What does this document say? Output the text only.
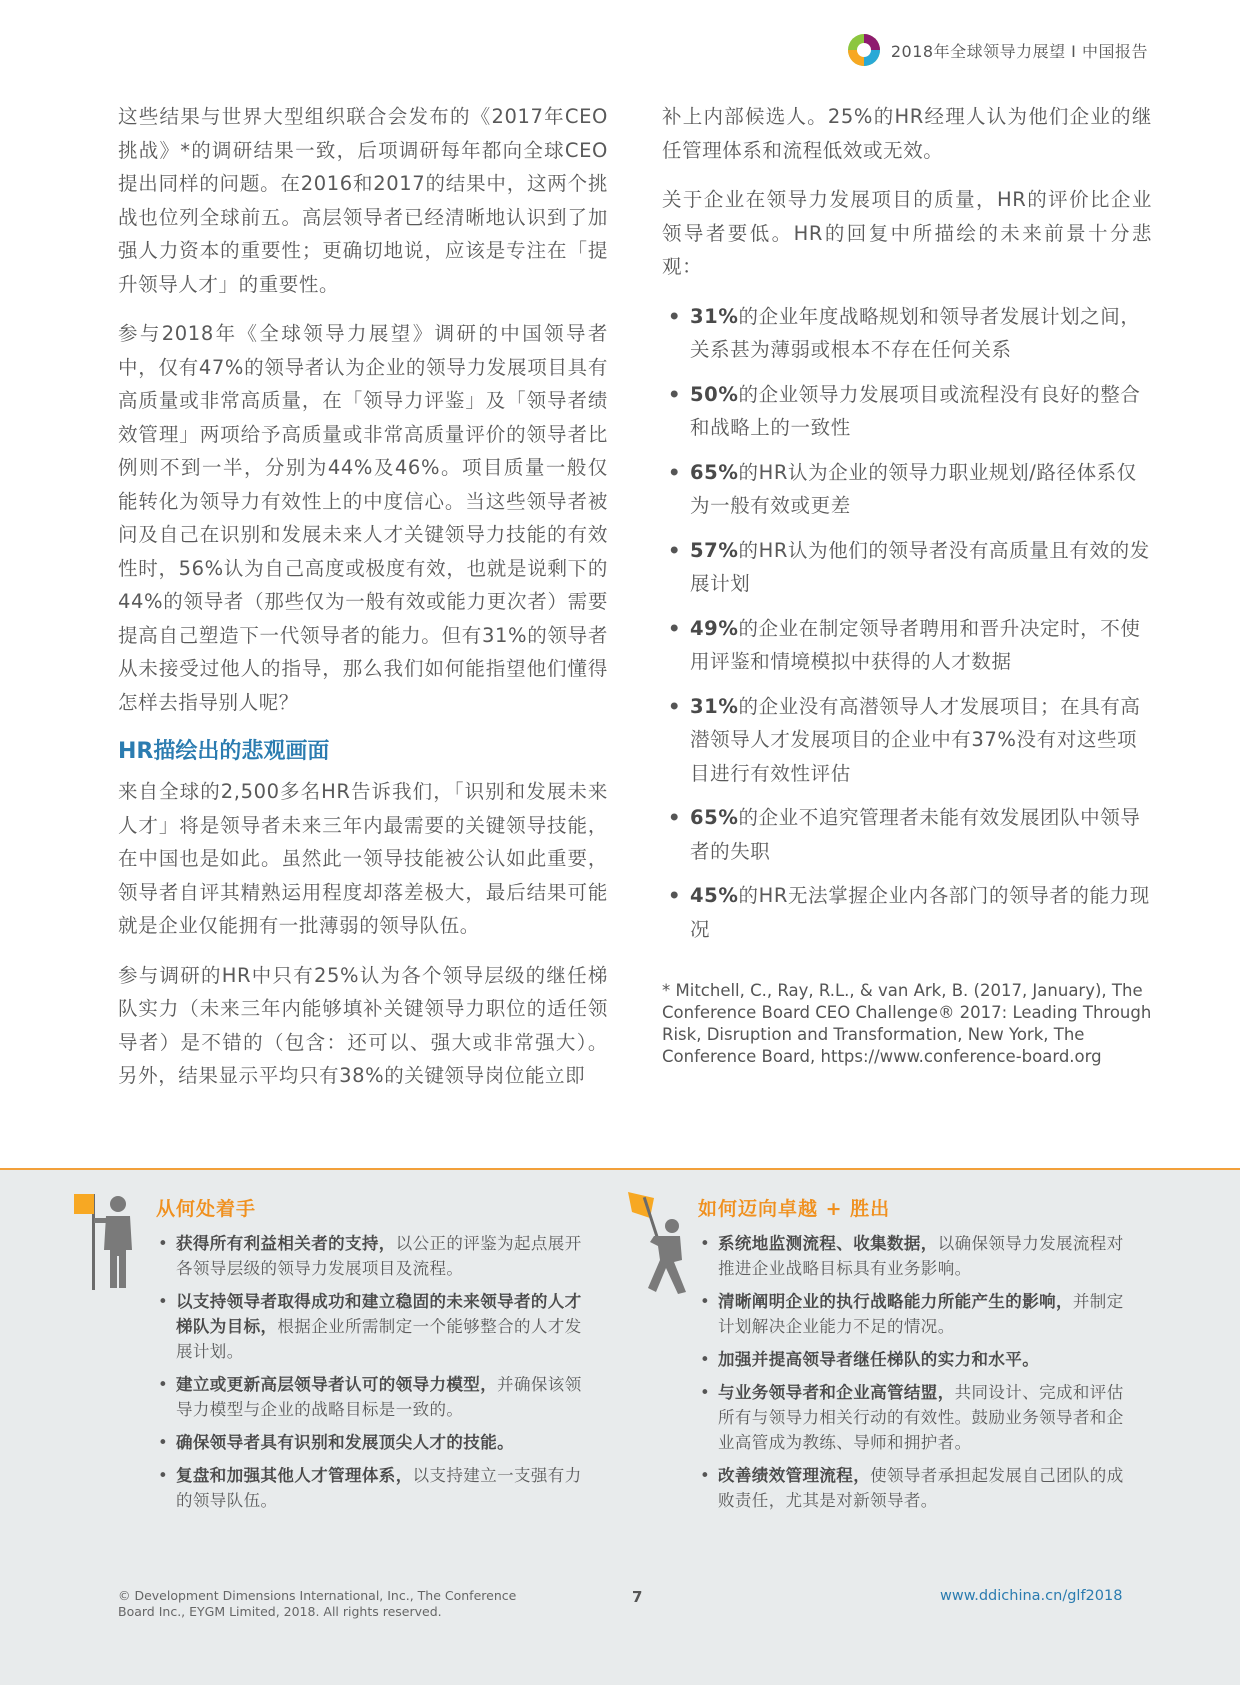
2018年全球领导力展望 I 中国报告

这些结果与世界大型组织联合会发布的《2017年CEO挑战》*的调研结果一致，后项调研每年都向全球CEO提出同样的问题。在2016和2017的结果中，这两个挑战也位列全球前五。高层领导者已经清晰地认识到了加强人力资本的重要性；更确切地说，应该是专注在「提升领导人才」的重要性。

参与2018年《全球领导力展望》调研的中国领导者中，仅有47%的领导者认为企业的领导力发展项目具有高质量或非常高质量，在「领导力评鉴」及「领导者绩效管理」两项给予高质量或非常高质量评价的领导者比例则不到一半，分别为44%及46%。项目质量一般仅能转化为领导力有效性上的中度信心。当这些领导者被问及自己在识别和发展未来人才关键领导力技能的有效性时，56%认为自己高度或极度有效，也就是说剩下的44%的领导者（那些仅为一般有效或能力更次者）需要提高自己塑造下一代领导者的能力。但有31%的领导者从未接受过他人的指导，那么我们如何能指望他们懂得怎样去指导别人呢？

HR描绘出的悲观画面

来自全球的2,500多名HR告诉我们，「识别和发展未来人才」将是领导者未来三年内最需要的关键领导技能，在中国也是如此。虽然此一领导技能被公认如此重要，领导者自评其精熟运用程度却落差极大，最后结果可能就是企业仅能拥有一批薄弱的领导队伍。

参与调研的HR中只有25%认为各个领导层级的继任梯队实力（未来三年内能够填补关键领导力职位的适任领导者）是不错的（包含：还可以、强大或非常强大）。另外，结果显示平均只有38%的关键领导岗位能立即

补上内部候选人。25%的HR经理人认为他们企业的继任管理体系和流程低效或无效。

关于企业在领导力发展项目的质量，HR的评价比企业领导者要低。HR的回复中所描绘的未来前景十分悲观：

• 31%的企业年度战略规划和领导者发展计划之间，关系甚为薄弱或根本不存在任何关系
• 50%的企业领导力发展项目或流程没有良好的整合和战略上的一致性
• 65%的HR认为企业的领导力职业规划/路径体系仅为一般有效或更差
• 57%的HR认为他们的领导者没有高质量且有效的发展计划
• 49%的企业在制定领导者聘用和晋升决定时，不使用评鉴和情境模拟中获得的人才数据
• 31%的企业没有高潜领导人才发展项目；在具有高潜领导人才发展项目的企业中有37%没有对这些项目进行有效性评估
• 65%的企业不追究管理者未能有效发展团队中领导者的失职
• 45%的HR无法掌握企业内各部门的领导者的能力现况
* Mitchell, C., Ray, R.L., & van Ark, B. (2017, January), The Conference Board CEO Challenge® 2017: Leading Through Risk, Disruption and Transformation, New York, The Conference Board, https://www.conference-board.org
从何处着手
• 获得所有利益相关者的支持，以公正的评鉴为起点展开各领导层级的领导力发展项目及流程。
• 以支持领导者取得成功和建立稳固的未来领导者的人才梯队为目标，根据企业所需制定一个能够整合的人才发展计划。
• 建立或更新高层领导者认可的领导力模型，并确保该领导力模型与企业的战略目标是一致的。
• 确保领导者具有识别和发展顶尖人才的技能。
• 复盘和加强其他人才管理体系，以支持建立一支强有力的领导队伍。
如何迈向卓越 + 胜出
• 系统地监测流程、收集数据，以确保领导力发展流程对推进企业战略目标具有业务影响。
• 清晰阐明企业的执行战略能力所能产生的影响，并制定计划解决企业能力不足的情况。
• 加强并提高领导者继任梯队的实力和水平。
• 与业务领导者和企业高管结盟，共同设计、完成和评估所有与领导力相关行动的有效性。鼓励业务领导者和企业高管成为教练、导师和拥护者。
• 改善绩效管理流程，使领导者承担起发展自己团队的成败责任，尤其是对新领导者。
© Development Dimensions International, Inc., The Conference Board Inc., EYGM Limited, 2018. All rights reserved.
7	www.ddichina.cn/glf2018
